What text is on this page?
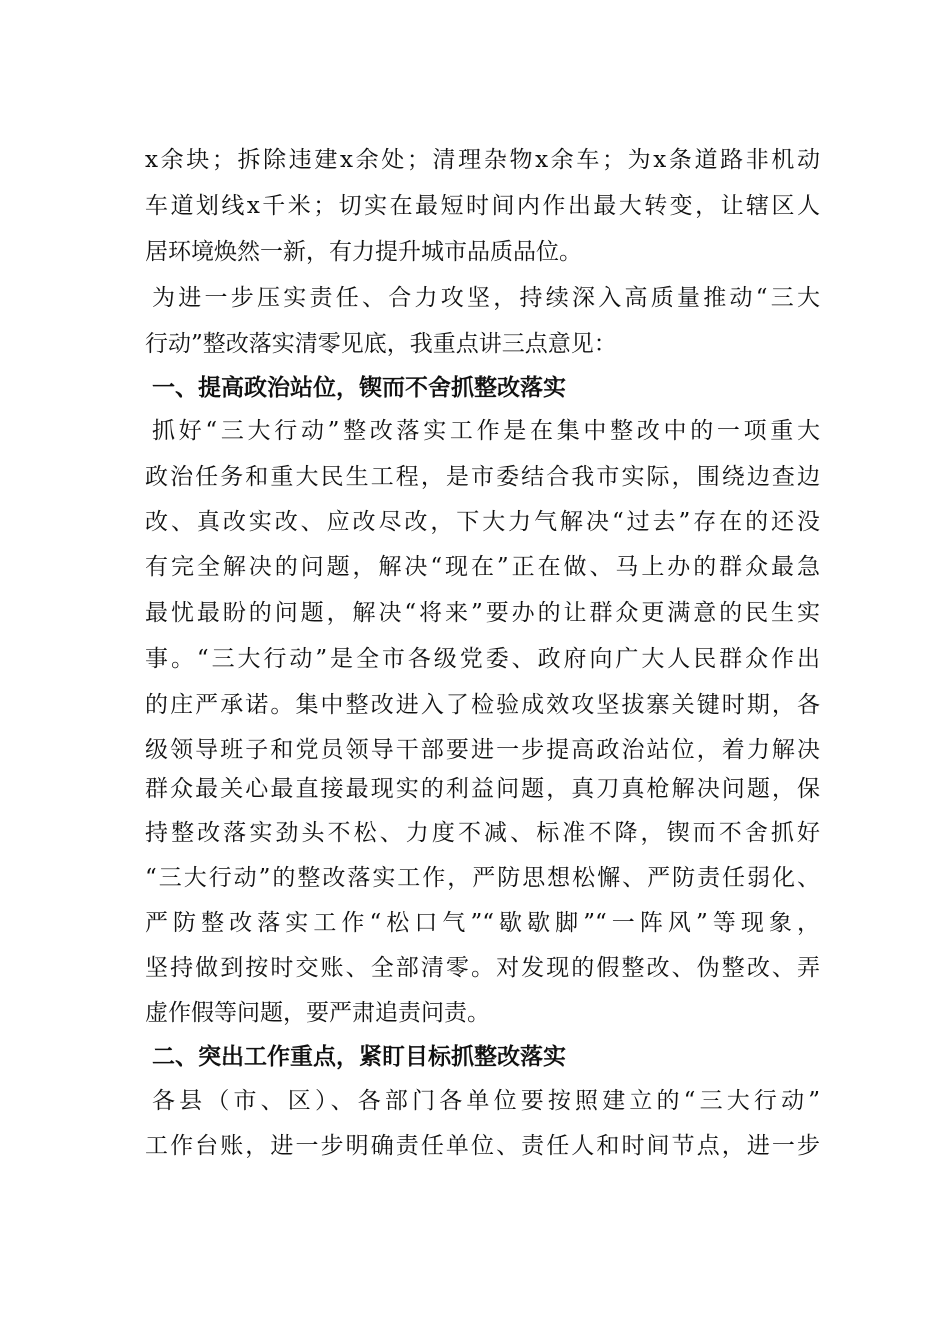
x余块；拆除违建x余处；清理杂物x余车；为x条道路非机动
车道划线x千米；切实在最短时间内作出最大转变，让辖区人
居环境焕然一新，有力提升城市品质品位。
为进一步压实责任、合力攻坚，持续深入高质量推动“三大
行动”整改落实清零见底，我重点讲三点意见：
一、提高政治站位，锲而不舍抓整改落实
抓好“三大行动”整改落实工作是在集中整改中的一项重大
政治任务和重大民生工程，是市委结合我市实际，围绕边查边
改、真改实改、应改尽改，下大力气解决“过去”存在的还没
有完全解决的问题，解决“现在”正在做、马上办的群众最急
最忧最盼的问题，解决“将来”要办的让群众更满意的民生实
事。“三大行动”是全市各级党委、政府向广大人民群众作出
的庄严承诺。集中整改进入了检验成效攻坚拔寨关键时期，各
级领导班子和党员领导干部要进一步提高政治站位，着力解决
群众最关心最直接最现实的利益问题，真刀真枪解决问题，保
持整改落实劲头不松、力度不减、标准不降，锲而不舍抓好
“三大行动”的整改落实工作，严防思想松懈、严防责任弱化、
严防整改落实工作“松口气”“歇歇脚”“一阵风”等现象，
坚持做到按时交账、全部清零。对发现的假整改、伪整改、弄
虚作假等问题，要严肃追责问责。
二、突出工作重点，紧盯目标抓整改落实
各县（市、区）、各部门各单位要按照建立的“三大行动”
工作台账，进一步明确责任单位、责任人和时间节点，进一步
